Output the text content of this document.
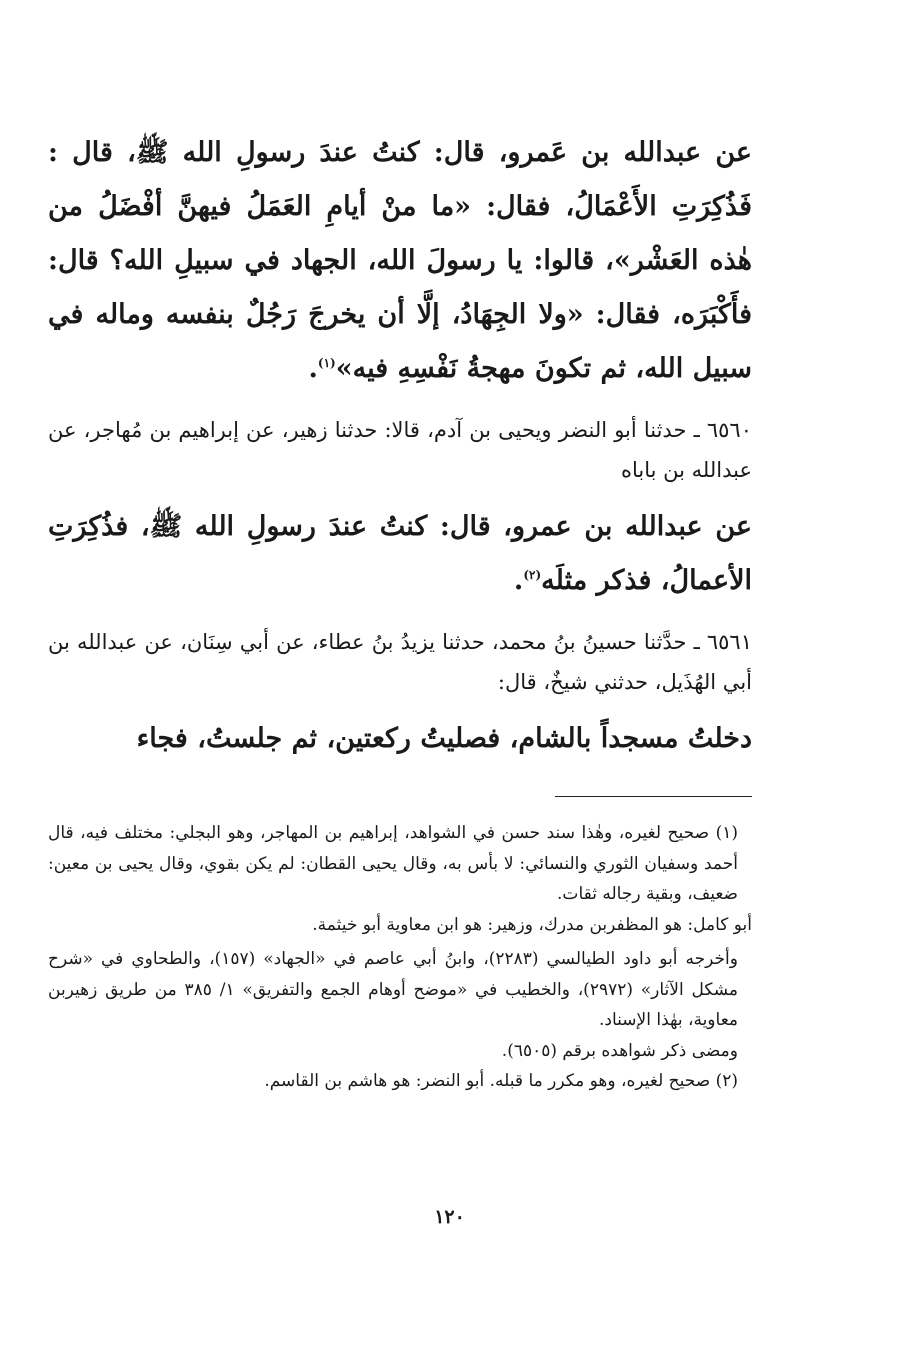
عن عبدالله بن عَمرو، قال: كنتُ عندَ رسولِ الله ﷺ، قال : فَذُكِرَتِ الأَعْمَالُ، فقال: «ما منْ أيامِ العَمَلُ فيهنَّ أفْضَلُ من هٰذه العَشْر»، قالوا: يا رسولَ الله، الجهاد في سبيلِ الله؟ قال: فأَكْبَرَه، فقال: «ولا الجِهَادُ، إلَّا أن يخرجَ رَجُلٌ بنفسه وماله في سبيل الله، ثم تكونَ مهجةُ نَفْسِهِ فيه»$^{(١)}$.

٦٥٦٠ ـ حدثنا أبو النضر ويحيى بن آدم، قالا: حدثنا زهير، عن إبراهيم بن مُهاجر، عن عبدالله بن باباه

عن عبدالله بن عمرو، قال: كنتُ عندَ رسولِ الله ﷺ، فذُكِرَتِ الأعمالُ، فذكر مثلَه$^{(٢)}$.

٦٥٦١ ـ حدَّثنا حسينُ بنُ محمد، حدثنا يزيدُ بنُ عطاء، عن أبي سِنَان، عن عبدالله بن أبي الهُذَيل، حدثني شيخٌ، قال:

دخلتُ مسجداً بالشام، فصليتُ ركعتين، ثم جلستُ، فجاء

(١) صحيح لغيره، وهٰذا سند حسن في الشواهد، إبراهيم بن المهاجر، وهو البجلي: مختلف فيه، قال أحمد وسفيان الثوري والنسائي: لا بأس به، وقال يحيى القطان: لم يكن بقوي، وقال يحيى بن معين: ضعيف، وبقية رجاله ثقات.

أبو كامل: هو المظفربن مدرك، وزهير: هو ابن معاوية أبو خيثمة.

وأخرجه أبو داود الطيالسي (٢٢٨٣)، وابنُ أبي عاصم في «الجهاد» (١٥٧)، والطحاوي في «شرح مشكل الآثار» (٢٩٧٢)، والخطيب في «موضح أوهام الجمع والتفريق» ١/ ٣٨٥ من طريق زهيربن معاوية، بهٰذا الإسناد.

ومضى ذكر شواهده برقم (٦٥٠٥).

(٢) صحيح لغيره، وهو مكرر ما قبله. أبو النضر: هو هاشم بن القاسم.

١٢٠
